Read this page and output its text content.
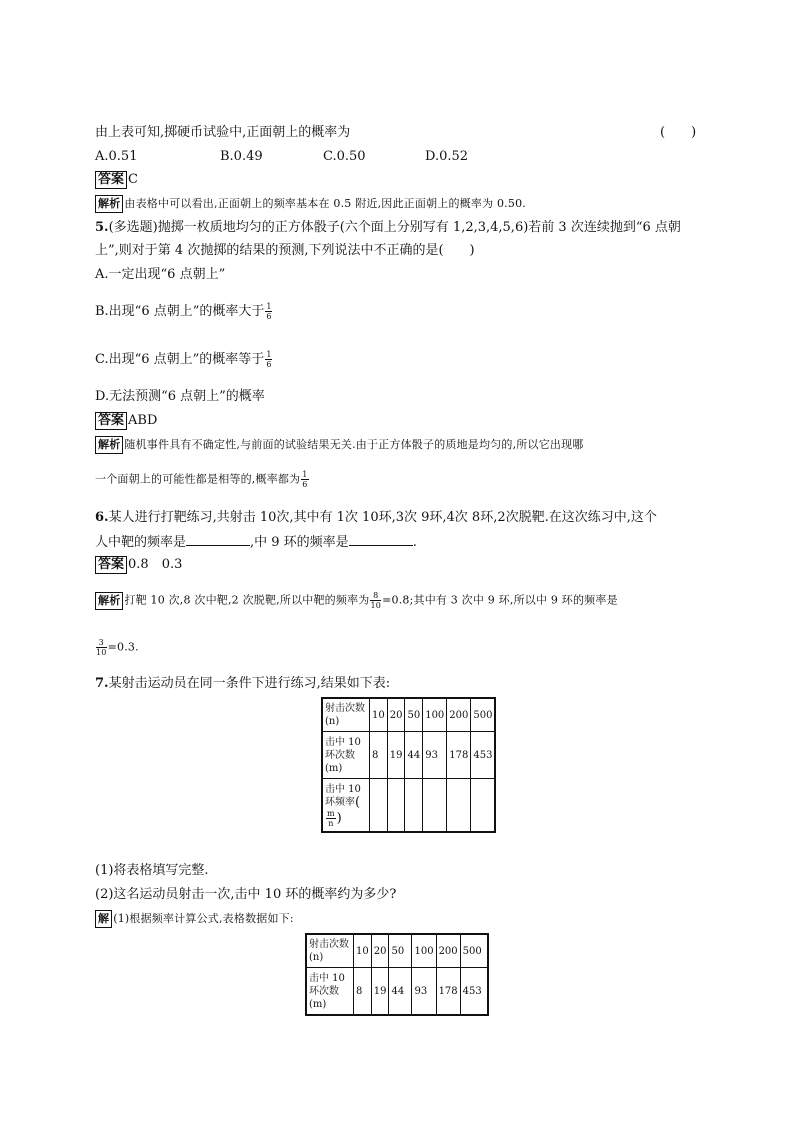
由上表可知,掷硬币试验中,正面朝上的概率为	(　　)
A.0.51	B.0.49	C.0.50	D.0.52
答案 C
解析 由表格中可以看出,正面朝上的频率基本在 0.5 附近,因此正面朝上的概率为 0.50.
5.(多选题)抛掷一枚质地均匀的正方体骰子(六个面上分别写有 1,2,3,4,5,6)若前 3 次连续抛到“6 点朝
上”,则对于第 4 次抛掷的结果的预测,下列说法中不正确的是(　　)
A.一定出现“6 点朝上”
B.出现“6 点朝上”的概率大于 $\frac{1}{6}$
C.出现“6 点朝上”的概率等于 $\frac{1}{6}$
D.无法预测“6 点朝上”的概率
答案 ABD
解析 随机事件具有不确定性,与前面的试验结果无关.由于正方体骰子的质地是均匀的,所以它出现哪
一个面朝上的可能性都是相等的,概率都为 $\frac{1}{6}$
6.某人进行打靶练习,共射击 10次,其中有 1次 10环,3次 9环,4次 8环,2次脱靶.在这次练习中,这个
人中靶的频率是	,中 9 环的频率是	.
答案 0.8　0.3
解析 打靶 10 次,8 次中靶,2 次脱靶,所以中靶的频率为 $\frac{8}{10} =0.8$;其中有 3 次中 9 环,所以中 9 环的频率是
$\frac{3}{10} =0.3$.
7.某射击运动员在同一条件下进行练习,结果如下表:
射击次数(n)	10	20	50	100	200	500
击中 10 环次数(m)	8	19	44	93	178	453
击中 10 环频率(
$\frac{m}{n}$ )						
(1)将表格填写完整.
(2)这名运动员射击一次,击中 10 环的概率约为多少?
解 (1)根据频率计算公式,表格数据如下:
射击次数(n)	10	20	50	100	200	500
击中 10 环次数(m)	8	19	44	93	178	453
